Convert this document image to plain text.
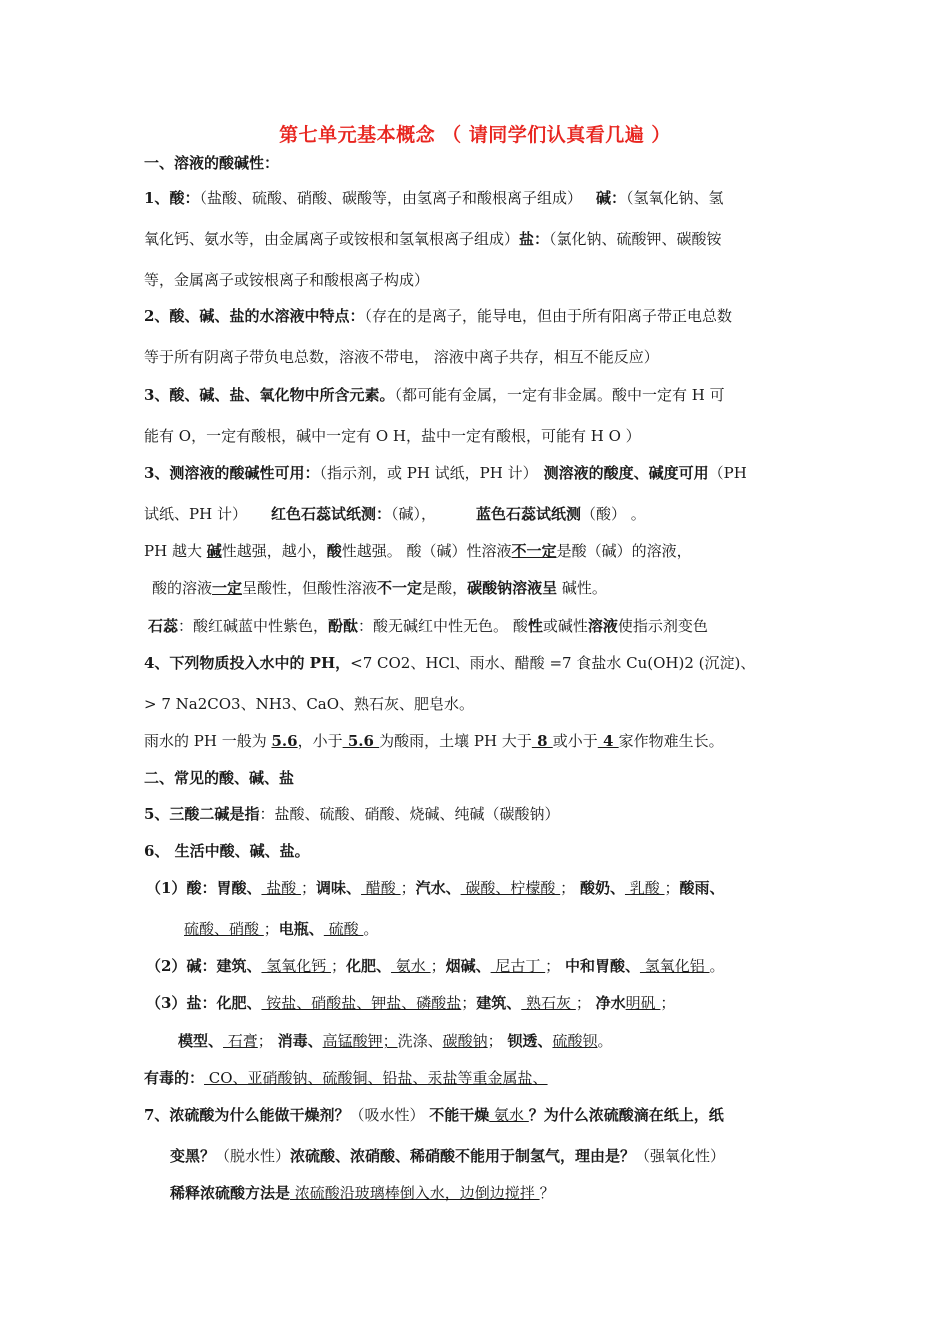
第七单元基本概念 （ 请同学们认真看几遍 ）
一、溶液的酸碱性：
1、酸：（盐酸、硫酸、硝酸、碳酸等，由氢离子和酸根离子组成） 碱：（氢氧化钠、氢
氧化钙、氨水等，由金属离子或铵根和氢氧根离子组成）盐：（氯化钠、硫酸钾、碳酸铵
等，金属离子或铵根离子和酸根离子构成）
2、酸、碱、盐的水溶液中特点：（存在的是离子，能导电，但由于所有阳离子带正电总数
等于所有阴离子带负电总数，溶液不带电， 溶液中离子共存，相互不能反应）
3、酸、碱、盐、氧化物中所含元素。（都可能有金属，一定有非金属。酸中一定有 H 可
能有 O，一定有酸根，碱中一定有 O H，盐中一定有酸根，可能有 H O ）
3、测溶液的酸碱性可用：（指示剂，或 PH 试纸，PH 计） 测溶液的酸度、碱度可用（PH
试纸、PH 计） 红色石蕊试纸测：（碱），	蓝色石蕊试纸测（酸） 。
PH 越大 碱性越强，越小，酸性越强。 酸（碱）性溶液不一定是酸（碱）的溶液，
酸的溶液一定呈酸性，但酸性溶液不一定是酸，碳酸钠溶液呈 碱性。
石蕊：酸红碱蓝中性紫色，酚酞：酸无碱红中性无色。 酸性或碱性溶液使指示剂变色
4、下列物质投入水中的 PH，<7 CO2、HCl、雨水、醋酸 =7 食盐水 Cu(OH)2 (沉淀)、
> 7 Na2CO3、NH3、CaO、熟石灰、肥皂水。
雨水的 PH 一般为 5.6，小于 5.6 为酸雨，土壤 PH 大于 8 或小于 4 家作物难生长。
二、常见的酸、碱、盐
5、三酸二碱是指：盐酸、硫酸、硝酸、烧碱、纯碱（碳酸钠）
6、 生活中酸、碱、盐。
（1）酸：胃酸、 盐酸 ；调味、 醋酸 ；汽水、 碳酸、柠檬酸 ； 酸奶、 乳酸 ；酸雨、
硫酸、硝酸 ；电瓶、 硫酸 。
（2）碱：建筑、 氢氧化钙 ；化肥、 氨水 ；烟碱、 尼古丁 ； 中和胃酸、 氢氧化铝 。
（3）盐：化肥、 铵盐、硝酸盐、钾盐、磷酸盐；建筑、 熟石灰 ； 净水明矾 ；
模型、 石膏； 消毒、高锰酸钾；洗涤、碳酸钠； 钡透、硫酸钡。
有毒的： CO、亚硝酸钠、硫酸铜、铅盐、汞盐等重金属盐、
7、浓硫酸为什么能做干燥剂？（吸水性） 不能干燥 氨水 ？为什么浓硫酸滴在纸上，纸
变黑？（脱水性）浓硫酸、浓硝酸、稀硝酸不能用于制氢气，理由是？（强氧化性）
稀释浓硫酸方法是 浓硫酸沿玻璃棒倒入水，边倒边搅拌 ？
